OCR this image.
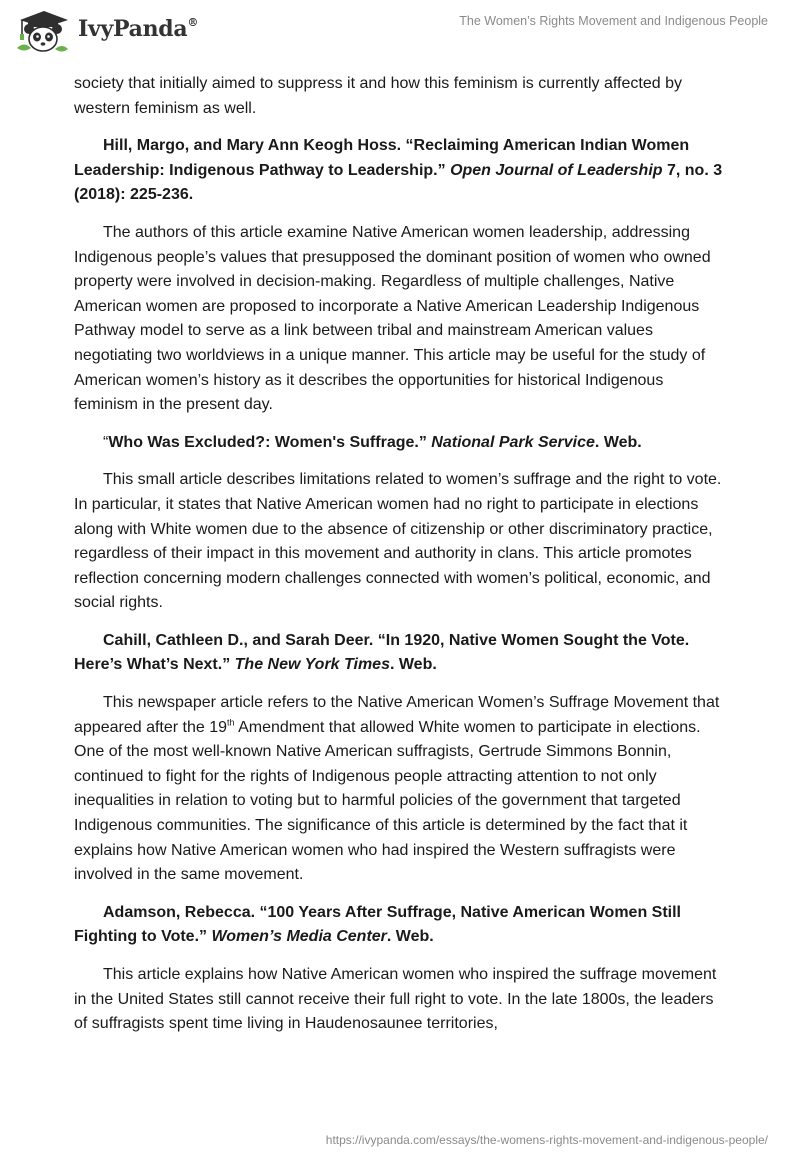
IvyPanda®	The Women’s Rights Movement and Indigenous People

society that initially aimed to suppress it and how this feminism is currently affected by western feminism as well.

Hill, Margo, and Mary Ann Keogh Hoss. “Reclaiming American Indian Women Leadership: Indigenous Pathway to Leadership.” Open Journal of Leadership 7, no. 3 (2018): 225-236.

The authors of this article examine Native American women leadership, addressing Indigenous people’s values that presupposed the dominant position of women who owned property were involved in decision-making. Regardless of multiple challenges, Native American women are proposed to incorporate a Native American Leadership Indigenous Pathway model to serve as a link between tribal and mainstream American values negotiating two worldviews in a unique manner. This article may be useful for the study of American women’s history as it describes the opportunities for historical Indigenous feminism in the present day.

“Who Was Excluded?: Women's Suffrage.” National Park Service. Web.

This small article describes limitations related to women’s suffrage and the right to vote. In particular, it states that Native American women had no right to participate in elections along with White women due to the absence of citizenship or other discriminatory practice, regardless of their impact in this movement and authority in clans. This article promotes reflection concerning modern challenges connected with women’s political, economic, and social rights.

Cahill, Cathleen D., and Sarah Deer. “In 1920, Native Women Sought the Vote. Here’s What’s Next.” The New York Times. Web.

This newspaper article refers to the Native American Women’s Suffrage Movement that appeared after the 19th Amendment that allowed White women to participate in elections. One of the most well-known Native American suffragists, Gertrude Simmons Bonnin, continued to fight for the rights of Indigenous people attracting attention to not only inequalities in relation to voting but to harmful policies of the government that targeted Indigenous communities. The significance of this article is determined by the fact that it explains how Native American women who had inspired the Western suffragists were involved in the same movement.

Adamson, Rebecca. “100 Years After Suffrage, Native American Women Still Fighting to Vote.” Women’s Media Center. Web.

This article explains how Native American women who inspired the suffrage movement in the United States still cannot receive their full right to vote. In the late 1800s, the leaders of suffragists spent time living in Haudenosaunee territories,

https://ivypanda.com/essays/the-womens-rights-movement-and-indigenous-people/
